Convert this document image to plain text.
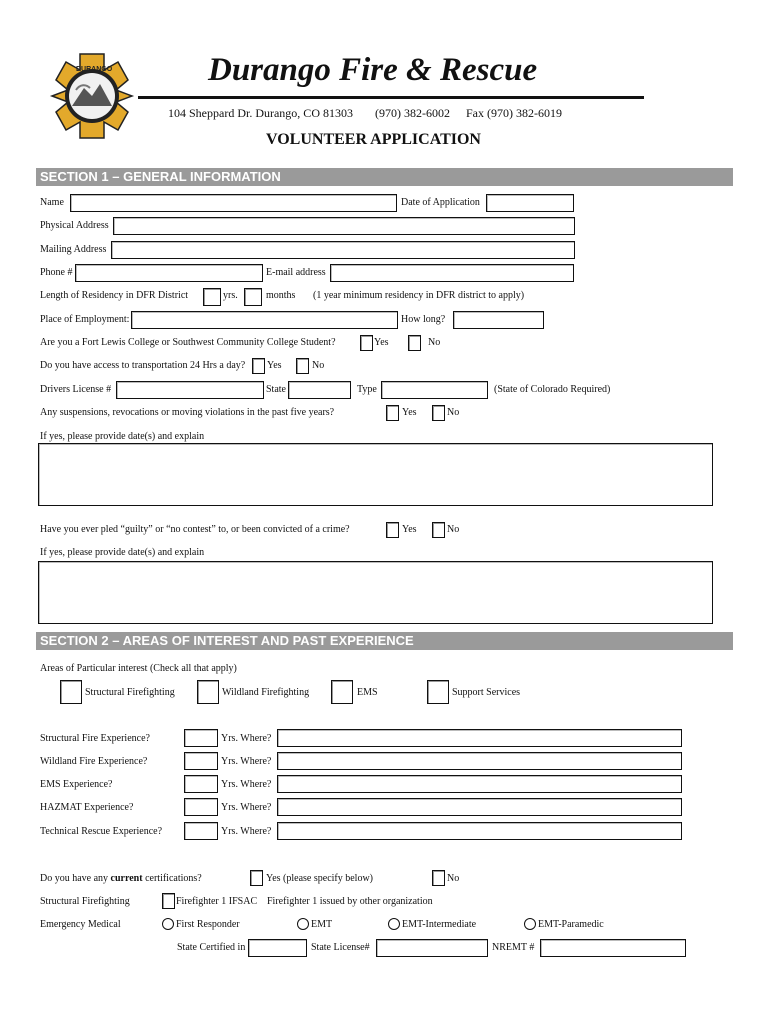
DURANGO	Durango Fire & Rescue
104 Sheppard Dr. Durango, CO 81303 (970) 382-6002 Fax (970) 382-6019
VOLUNTEER APPLICATION
SECTION 1 – GENERAL INFORMATION
Name	Date of Application
Physical Address
Mailing Address
Phone #	E-mail address
Length of Residency in DFR District	yrs.	months (1 year minimum residency in DFR district to apply)
Place of Employment:	How long?
Are you a Fort Lewis College or Southwest Community College Student?	Yes	No
Do you have access to transportation 24 Hrs a day? Yes	No
Drivers License #	State	Type	(State of Colorado Required)
Any suspensions, revocations or moving violations in the past five years?	Yes	No
If yes, please provide date(s) and explain
Have you ever pled “guilty” or “no contest” to, or been convicted of a crime?	Yes	No
If yes, please provide date(s) and explain
SECTION 2 – AREAS OF INTEREST AND PAST EXPERIENCE
Areas of Particular interest (Check all that apply)
Structural Firefighting	Wildland Firefighting	EMS	Support Services
Structural Fire Experience?	Yrs. Where?
Wildland Fire Experience?	Yrs. Where?
EMS Experience?	Yrs. Where?
HAZMAT Experience?	Yrs. Where?
Technical Rescue Experience?	Yrs. Where?
Do you have any current certifications?	Yes (please specify below)	No
Structural Firefighting	Firefighter 1 IFSAC Firefighter 1 issued by other organization
Emergency Medical	First Responder	EMT	EMT-Intermediate	EMT-Paramedic
State Certified in	State License#	NREMT #
